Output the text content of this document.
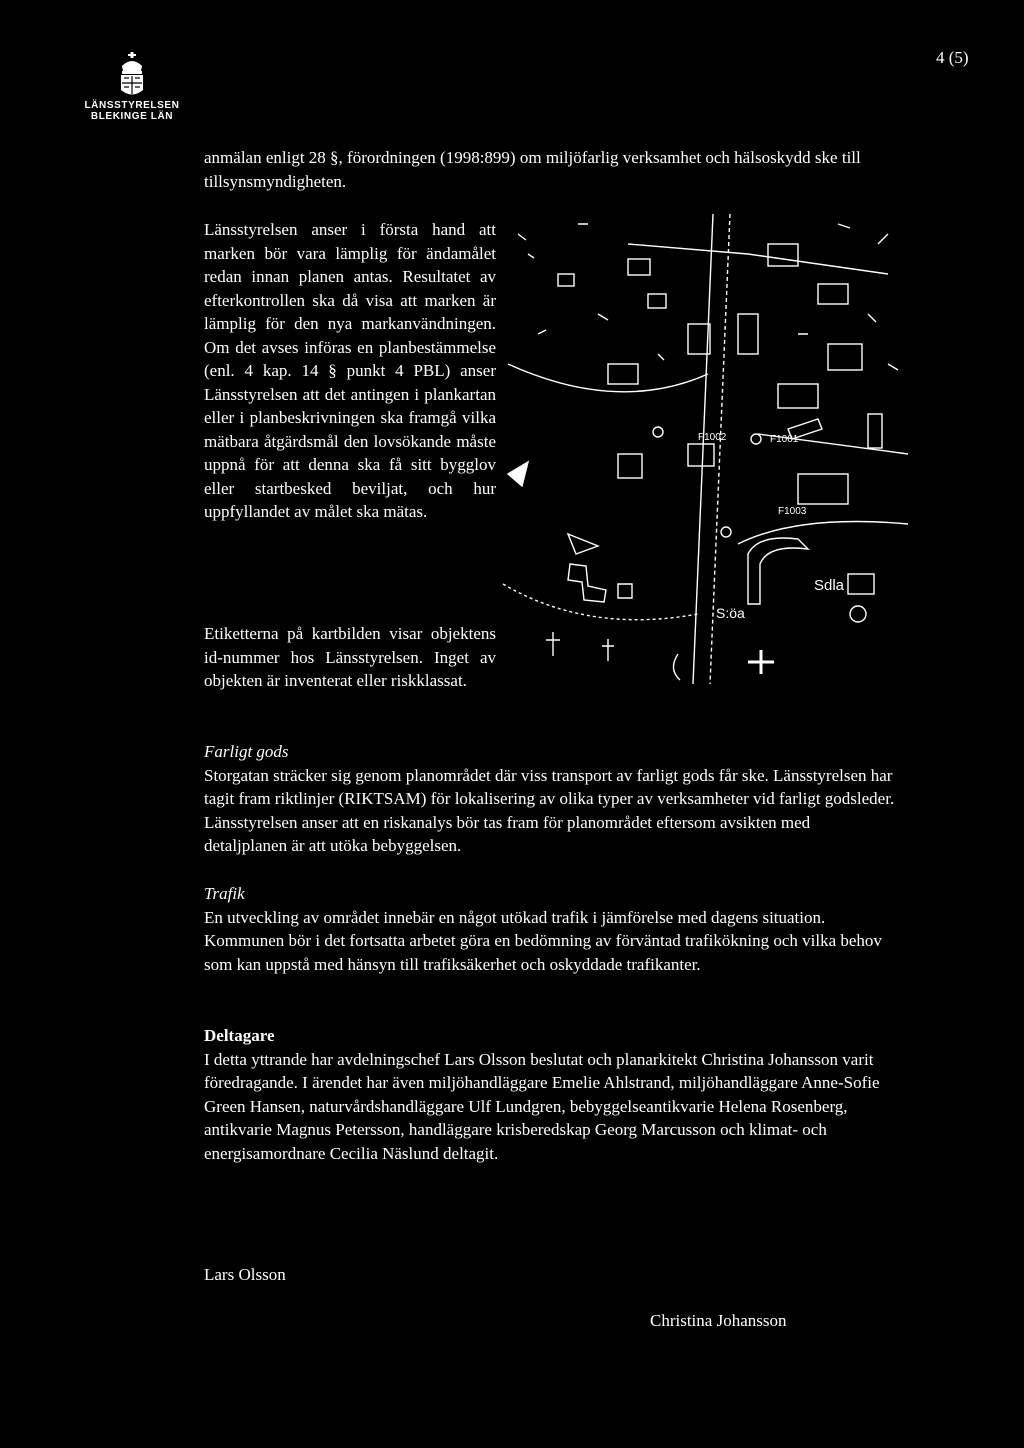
LÄNSSTYRELSEN
BLEKINGE LÄN
4 (5)

anmälan enligt 28 §, förordningen (1998:899) om miljöfarlig verksamhet och hälsoskydd ske till tillsynsmyndigheten.

Länsstyrelsen anser i första hand att marken bör vara lämplig för ändamålet redan innan planen antas. Resultatet av efterkontrollen ska då visa att marken är lämplig för den nya markanvändningen. Om det avses införas en planbestämmelse (enl. 4 kap. 14 § punkt 4 PBL) anser Länsstyrelsen att det antingen i plankartan eller i planbeskrivningen ska framgå vilka mätbara åtgärdsmål den lovsökande måste uppnå för att denna ska få sitt bygglov eller startbesked beviljat, och hur uppfyllandet av målet ska mätas.

Etiketterna på kartbilden visar objektens id-nummer hos Länsstyrelsen. Inget av objekten är inventerat eller riskklassat.

F1001
F1002
F1003
Sdla
S:öa

Farligt gods

Storgatan sträcker sig genom planområdet där viss transport av farligt gods får ske. Länsstyrelsen har tagit fram riktlinjer (RIKTSAM) för lokalisering av olika typer av verksamheter vid farligt godsleder. Länsstyrelsen anser att en riskanalys bör tas fram för planområdet eftersom avsikten med detaljplanen är att utöka bebyggelsen.

Trafik

En utveckling av området innebär en något utökad trafik i jämförelse med dagens situation. Kommunen bör i det fortsatta arbetet göra en bedömning av förväntad trafikökning och vilka behov som kan uppstå med hänsyn till trafiksäkerhet och oskyddade trafikanter.

Deltagare

I detta yttrande har avdelningschef Lars Olsson beslutat och planarkitekt Christina Johansson varit föredragande. I ärendet har även miljöhandläggare Emelie Ahlstrand, miljöhandläggare Anne-Sofie Green Hansen, naturvårdshandläggare Ulf Lundgren, bebyggelseantikvarie Helena Rosenberg, antikvarie Magnus Petersson, handläggare krisberedskap Georg Marcusson och klimat- och energisamordnare Cecilia Näslund deltagit.

Lars Olsson
Christina Johansson
